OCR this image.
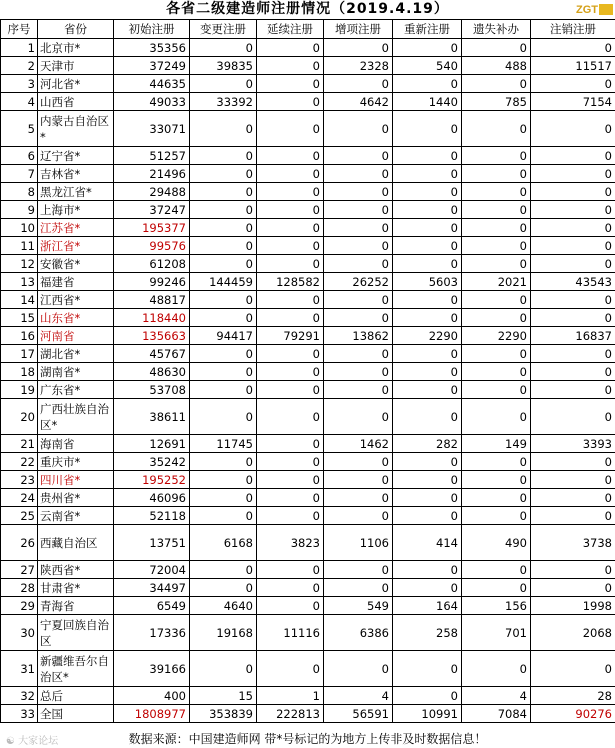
各省二级建造师注册情况（2019.4.19）	ZGT
序号	省份	初始注册	变更注册	延续注册	增项注册	重新注册	遗失补办	注销注册
1	北京市*	35356	0	0	0	0	0	0
2	天津市	37249	39835	0	2328	540	488	11517
3	河北省*	44635	0	0	0	0	0	0
4	山西省	49033	33392	0	4642	1440	785	7154
5	内蒙古自治区*	33071	0	0	0	0	0	0
6	辽宁省*	51257	0	0	0	0	0	0
7	吉林省*	21496	0	0	0	0	0	0
8	黑龙江省*	29488	0	0	0	0	0	0
9	上海市*	37247	0	0	0	0	0	0
10	江苏省*	195377	0	0	0	0	0	0
11	浙江省*	99576	0	0	0	0	0	0
12	安徽省*	61208	0	0	0	0	0	0
13	福建省	99246	144459	128582	26252	5603	2021	43543
14	江西省*	48817	0	0	0	0	0	0
15	山东省*	118440	0	0	0	0	0	0
16	河南省	135663	94417	79291	13862	2290	2290	16837
17	湖北省*	45767	0	0	0	0	0	0
18	湖南省*	48630	0	0	0	0	0	0
19	广东省*	53708	0	0	0	0	0	0
20	广西壮族自治区*	38611	0	0	0	0	0	0
21	海南省	12691	11745	0	1462	282	149	3393
22	重庆市*	35242	0	0	0	0	0	0
23	四川省*	195252	0	0	0	0	0	0
24	贵州省*	46096	0	0	0	0	0	0
25	云南省*	52118	0	0	0	0	0	0
26	西藏自治区	13751	6168	3823	1106	414	490	3738
27	陕西省*	72004	0	0	0	0	0	0
28	甘肃省*	34497	0	0	0	0	0	0
29	青海省	6549	4640	0	549	164	156	1998
30	宁夏回族自治区	17336	19168	11116	6386	258	701	2068
31	新疆维吾尔自治区*	39166	0	0	0	0	0	0
32	总后	400	15	1	4	0	4	28
33	全国	1808977	353839	222813	56591	10991	7084	90276
☯ 大家论坛	数据来源：中国建造师网 带*号标记的为地方上传非及时数据信息！
